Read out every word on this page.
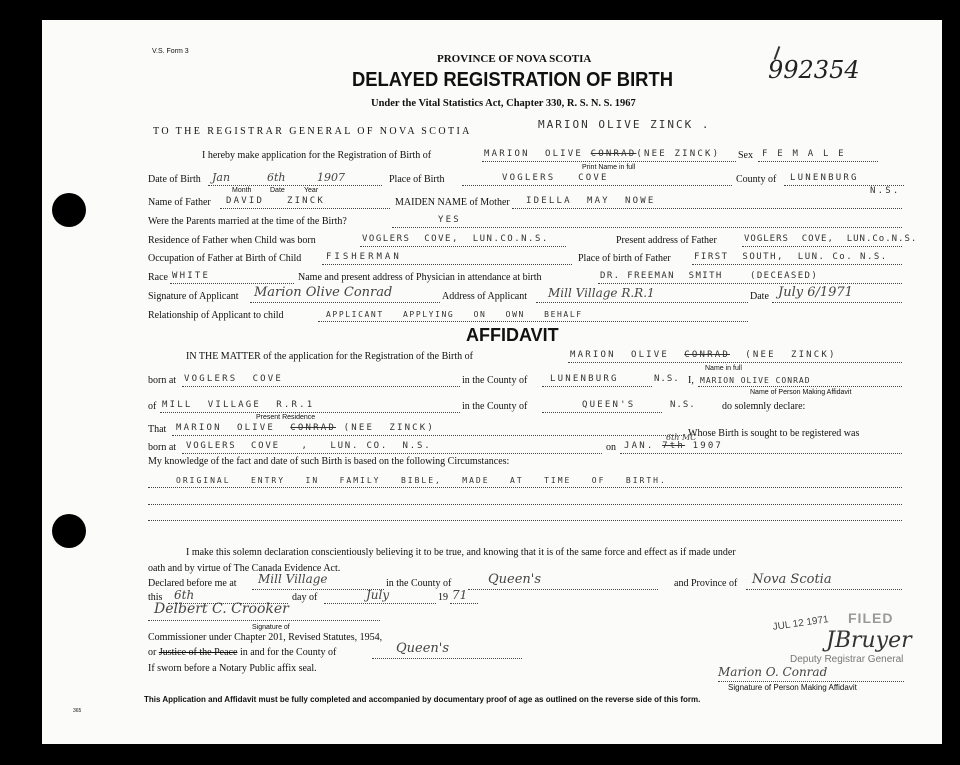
V.S. Form 3
PROVINCE OF NOVA SCOTIA
DELAYED REGISTRATION OF BIRTH
Under the Vital Statistics Act, Chapter 330, R. S. N. S. 1967
992354
TO THE REGISTRAR GENERAL OF NOVA SCOTIA
MARION OLIVE ZINCK .
I hereby make application for the Registration of Birth of	MARION  OLIVE CONRAD(NEE ZINCK) Sex F E M A L E
Print Name in full
Date of Birth Jan	6th	1907
Month	Date	Year
Place of Birth	VOGLERS   COVE	County of LUNENBURG
N.S.
Name of Father DAVID   ZINCK	MAIDEN NAME of Mother IDELLA  MAY  NOWE
Were the Parents married at the time of the Birth?	YES
Residence of Father when Child was born	VOGLERS  COVE,  LUN.CO.N.S.	Present address of Father	VOGLERS  COVE,  LUN.Co.N.S.
Occupation of Father at Birth of Child	FISHERMAN	Place of birth of Father	FIRST  SOUTH,  LUN. Co. N.S.
Race WHITE	Name and present address of Physician in attendance at birth	DR. FREEMAN  SMITH    (DECEASED)
Signature of Applicant Marion Olive Conrad	Address of Applicant Mill Village R.R.1	Date July 6/1971
Relationship of Applicant to child	APPLICANT   APPLYING   ON   OWN   BEHALF
AFFIDAVIT
IN THE MATTER of the application for the Registration of the Birth of	MARION  OLIVE  CONRAD  (NEE  ZINCK)
Name in full
born at VOGLERS  COVE	in the County of	LUNENBURG	N.S. I, MARION OLIVE CONRAD
Name of Person Making Affidavit
of MILL  VILLAGE  R.R.1
Present Residence
in the County of	QUEEN'S	N.S.	do solemnly declare:
That MARION  OLIVE  CONRAD (NEE  ZINCK)	Whose Birth is sought to be registered was
born at VOGLERS  COVE   ,   LUN. CO.  N.S.	on JAN. 7th 1907
6th MC
My knowledge of the fact and date of such Birth is based on the following Circumstances:
ORIGINAL   ENTRY   IN   FAMILY   BIBLE,   MADE   AT   TIME   OF   BIRTH.
I make this solemn declaration conscientiously believing it to be true, and knowing that it is of the same force and effect as if made under
oath and by virtue of The Canada Evidence Act.
Declared before me at Mill Village	in the County of	Queen's	and Province of Nova Scotia
this 6th	day of	July	19 71
Delbert C. Crooker
Signature of
Commissioner under Chapter 201, Revised Statutes, 1954,
or Justice of the Peace in and for the County of	Queen's
If sworn before a Notary Public affix seal.
FILED
JUL 12 1971
JBruyer
Deputy Registrar General
Marion O. Conrad
Signature of Person Making Affidavit
This Application and Affidavit must be fully completed and accompanied by documentary proof of age as outlined on the reverse side of this form.
365
